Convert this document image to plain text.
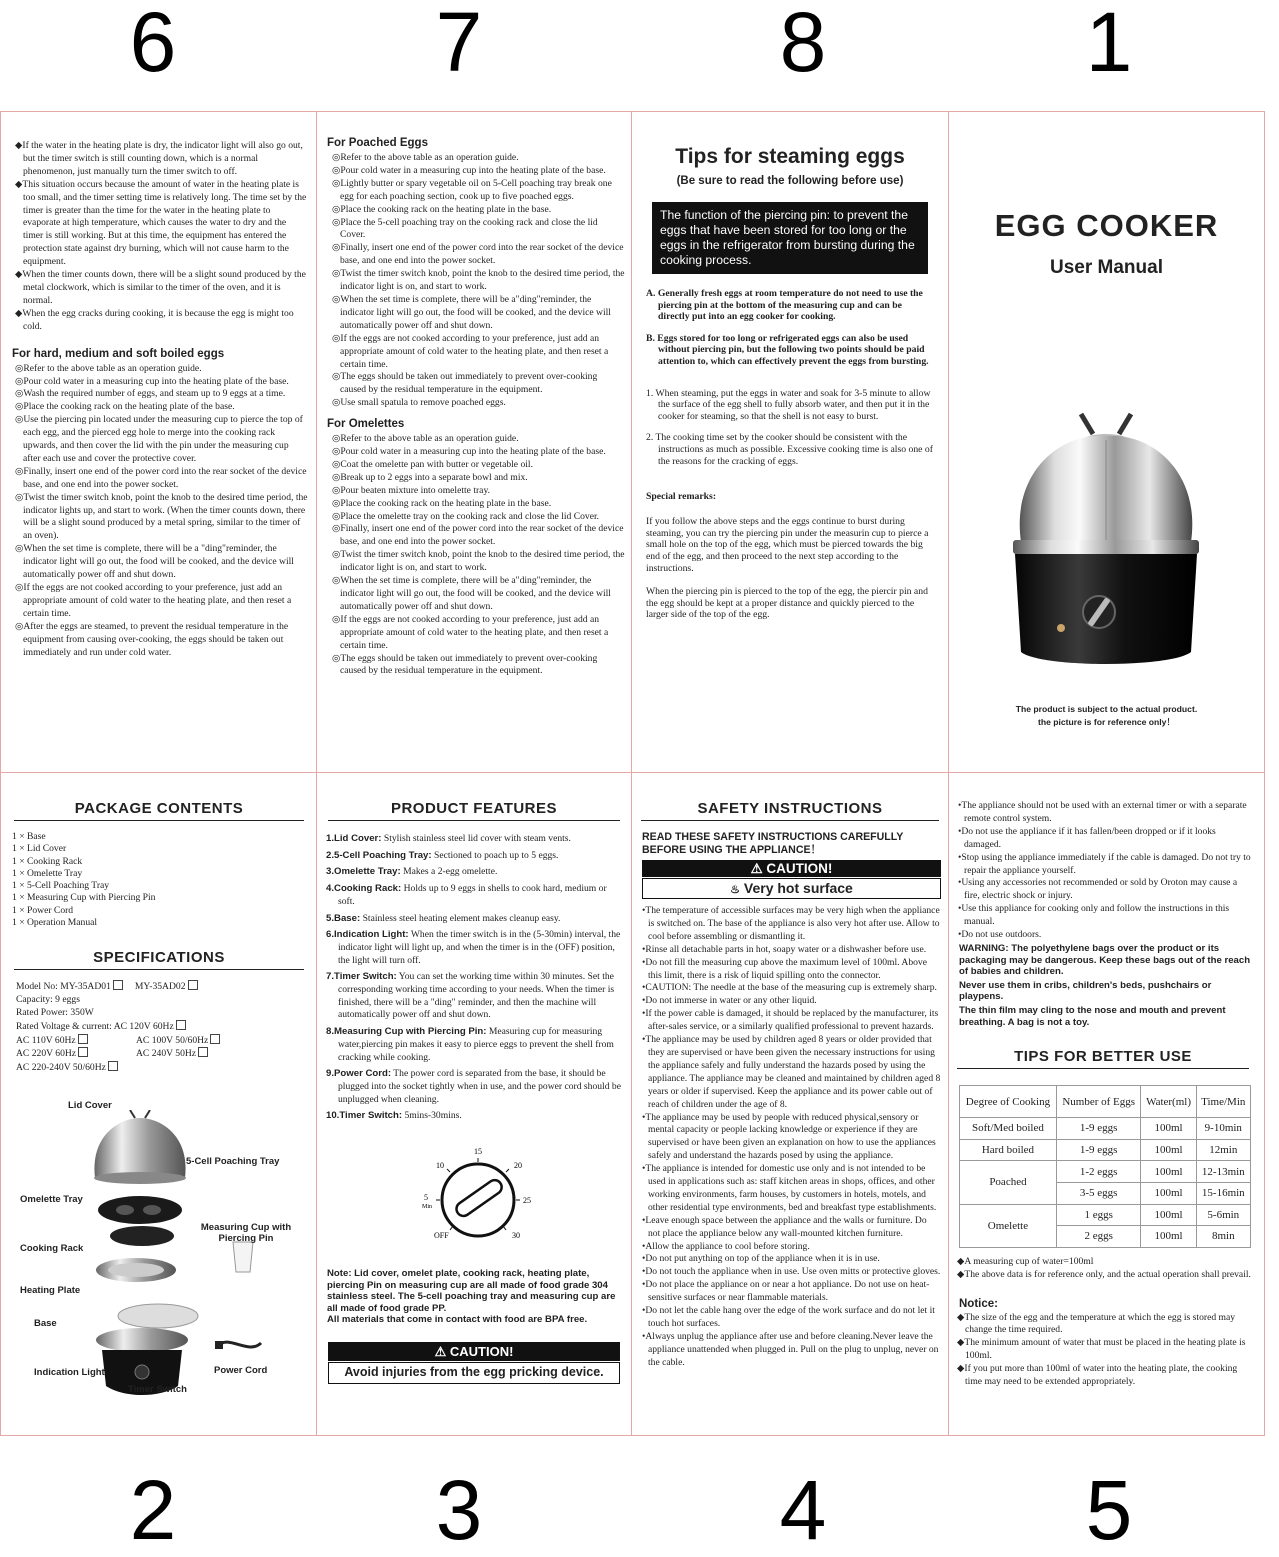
6	7	8	1
2	3	4	5

◆If the water in the heating plate is dry, the indicator light will also go out, but the timer switch is still counting down, which is a normal phenomenon, just manually turn the timer switch to off.

◆This situation occurs because the amount of water in the heating plate is too small, and the timer setting time is relatively long. The time set by the timer is greater than the time for the water in the heating plate to evaporate at high temperature, which causes the water to dry and the timer is still working. But at this time, the equipment has entered the protection state against dry burning, which will not cause harm to the equipment.

◆When the timer counts down, there will be a slight sound produced by the metal clockwork, which is similar to the timer of the oven, and it is normal.

◆When the egg cracks during cooking, it is because the egg is might too cold.

For hard, medium and soft boiled eggs

◎Refer to the above table as an operation guide.

◎Pour cold water in a measuring cup into the heating plate of the base.

◎Wash the required number of eggs, and steam up to 9 eggs at a time.

◎Place the cooking rack on the heating plate of the base.

◎Use the piercing pin located under the measuring cup to pierce the top of each egg, and the pierced egg hole to merge into the cooking rack upwards, and then cover the lid with the pin under the measuring cup after each use and cover the protective cover.

◎Finally, insert one end of the power cord into the rear socket of the device base, and one end into the power socket.

◎Twist the timer switch knob, point the knob to the desired time period, the indicator lights up, and start to work. (When the timer counts down, there will be a slight sound produced by a metal spring, similar to the timer of an oven).

◎When the set time is complete, there will be a "ding"reminder, the indicator light will go out, the food will be cooked, and the device will automatically power off and shut down.

◎If the eggs are not cooked according to your preference, just add an appropriate amount of cold water to the heating plate, and then reset a certain time.

◎After the eggs are steamed, to prevent the residual temperature in the equipment from causing over-cooking, the eggs should be taken out immediately and run under cold water.

For Poached Eggs

◎Refer to the above table as an operation guide.

◎Pour cold water in a measuring cup into the heating plate of the base.

◎Lightly butter or spary vegetable oil on 5-Cell poaching tray break one egg for each poaching section, cook up to five poached eggs.

◎Place the cooking rack on the heating plate in the base.

◎Place the 5-cell poaching tray on the cooking rack and close the lid Cover.

◎Finally, insert one end of the power cord into the rear socket of the device base, and one end into the power socket.

◎Twist the timer switch knob, point the knob to the desired time period, the indicator light is on, and start to work.

◎When the set time is complete, there will be a"ding"reminder, the indicator light will go out, the food will be cooked, and the device will automatically power off and shut down.

◎If the eggs are not cooked according to your preference, just add an appropriate amount of cold water to the heating plate, and then reset a certain time.

◎The eggs should be taken out immediately to prevent over-cooking caused by the residual temperature in the equipment.

◎Use small spatula to remove poached eggs.

For Omelettes

◎Refer to the above table as an operation guide.

◎Pour cold water in a measuring cup into the heating plate of the base.

◎Coat the omelette pan with butter or vegetable oil.

◎Break up to 2 eggs into a separate bowl and mix.

◎Pour beaten mixture into omelette tray.

◎Place the cooking rack on the heating plate in the base.

◎Place the omelette tray on the cooking rack and close the lid Cover.

◎Finally, insert one end of the power cord into the rear socket of the device base, and one end into the power socket.

◎Twist the timer switch knob, point the knob to the desired time period, the indicator light is on, and start to work.

◎When the set time is complete, there will be a"ding"reminder, the indicator light will go out, the food will be cooked, and the device will automatically power off and shut down.

◎If the eggs are not cooked according to your preference, just add an appropriate amount of cold water to the heating plate, and then reset a certain time.

◎The eggs should be taken out immediately to prevent over-cooking caused by the residual temperature in the equipment.

Tips for steaming eggs
(Be sure to read the following before use)
The function of the piercing pin: to prevent the eggs that have been stored for too long or the eggs in the refrigerator from bursting during the cooking process.

A. Generally fresh eggs at room temperature do not need to use the piercing pin at the bottom of the measuring cup and can be directly put into an egg cooker for cooking.

B. Eggs stored for too long or refrigerated eggs can also be used without piercing pin, but the following two points should be paid attention to, which can effectively prevent the eggs from bursting.

1. When steaming, put the eggs in water and soak for 3-5 minute to allow the surface of the egg shell to fully absorb water, and then put it in the cooker for steaming, so that the shell is not easy to burst.

2. The cooking time set by the cooker should be consistent with the instructions as much as possible. Excessive cooking time is also one of the reasons for the cracking of eggs.

Special remarks:

If you follow the above steps and the eggs continue to burst during steaming, you can try the piercing pin under the measurin cup to pierce a small hole on the top of the egg, which must be pierced towards the big end of the egg, and then proceed to the next step according to the instructions.

When the piercing pin is pierced to the top of the egg, the piercir pin and the egg should be kept at a proper distance and quickly pierced to the larger side of the top of the egg.

EGG COOKER
User Manual
The product is subject to the actual product.
the picture is for reference only！
PACKAGE CONTENTS
1 × Base
1 × Lid Cover
1 × Cooking Rack
1 × Omelette Tray
1 × 5-Cell Poaching Tray
1 × Measuring Cup with Piercing Pin
1 × Power Cord
1 × Operation Manual
SPECIFICATIONS
Model No: MY-35AD01	MY-35AD02
Capacity: 9 eggs
Rated Power: 350W
Rated Voltage & current: AC 120V 60Hz
AC 110V 60Hz	AC 100V 50/60Hz
AC 220V 60Hz	AC 240V 50Hz
AC 220-240V 50/60Hz
Lid Cover
5-Cell Poaching Tray
Omelette Tray
Measuring Cup with Piercing Pin
Cooking Rack
Heating Plate
Base
Power Cord
Indication Light
Timer Switch
PRODUCT FEATURES

1.Lid Cover: Stylish stainless steel lid cover with steam vents.

2.5-Cell Poaching Tray: Sectioned to poach up to 5 eggs.

3.Omelette Tray: Makes a 2-egg omelette.

4.Cooking Rack: Holds up to 9 eggs in shells to cook hard, medium or soft.

5.Base: Stainless steel heating element makes cleanup easy.

6.Indication Light: When the timer switch is in the (5-30min) interval, the indicator light will light up, and when the timer is in the (OFF) position, the light will turn off.

7.Timer Switch: You can set the working time within 30 minutes. Set the corresponding working time according to your needs. When the timer is finished, there will be a "ding" reminder, and then the machine will automatically power off and shut down.

8.Measuring Cup with Piercing Pin: Measuring cup for measuring water,piercing pin makes it easy to pierce eggs to prevent the shell from cracking while cooking.

9.Power Cord: The power cord is separated from the base, it should be plugged into the socket tightly when in use, and the power cord should be unplugged when cleaning.

10.Timer Switch: 5mins-30mins.

15
10	20
5
Min
25
OFF	30

Note: Lid cover, omelet plate, cooking rack, heating plate, piercing Pin on measuring cup are all made of food grade 304 stainless steel. The 5-cell poaching tray and measuring cup are all made of food grade PP.
All materials that come in contact with food are BPA free.

⚠ CAUTION!
Avoid injuries from the egg pricking device.
SAFETY INSTRUCTIONS
READ THESE SAFETY INSTRUCTIONS CAREFULLY BEFORE USING THE APPLIANCE！
⚠ CAUTION!
♨ Very hot surface

•The temperature of accessible surfaces may be very high when the appliance is switched on. The base of the appliance is also very hot after use. Allow to cool before assembling or dismantling it.

•Rinse all detachable parts in hot, soapy water or a dishwasher before use.

•Do not fill the measuring cup above the maximum level of 100ml. Above this limit, there is a risk of liquid spilling onto the connector.

•CAUTION: The needle at the base of the measuring cup is extremely sharp.

•Do not immerse in water or any other liquid.

•If the power cable is damaged, it should be replaced by the manufacturer, its after-sales service, or a similarly qualified professional to prevent hazards.

•The appliance may be used by children aged 8 years or older provided that they are supervised or have been given the necessary instructions for using the appliance safely and fully understand the hazards posed by using the appliance. The appliance may be cleaned and maintained by children aged 8 years or older if supervised. Keep the appliance and its power cable out of reach of children under the age of 8.

•The appliance may be used by people with reduced physical,sensory or mental capacity or people lacking knowledge or experience if they are supervised or have been given an explanation on how to use the appliances safely and understand the hazards posed by using the appliance.

•The appliance is intended for domestic use only and is not intended to be used in applications such as: staff kitchen areas in shops, offices, and other working environments, farm houses, by customers in hotels, motels, and other residential type environments, bed and breakfast type establishments.

•Leave enough space between the appliance and the walls or furniture. Do not place the appliance below any wall-mounted kitchen furniture.

•Allow the appliance to cool before storing.

•Do not put anything on top of the appliance when it is in use.

•Do not touch the appliance when in use. Use oven mitts or protective gloves.

•Do not place the appliance on or near a hot appliance. Do not use on heat-sensitive surfaces or near flammable materials.

•Do not let the cable hang over the edge of the work surface and do not let it touch hot surfaces.

•Always unplug the appliance after use and before cleaning.Never leave the appliance unattended when plugged in. Pull on the plug to unplug, never on the cable.

•The appliance should not be used with an external timer or with a separate remote control system.

•Do not use the appliance if it has fallen/been dropped or if it looks damaged.

•Stop using the appliance immediately if the cable is damaged. Do not try to repair the appliance yourself.

•Using any accessories not recommended or sold by Oroton may cause a fire, electric shock or injury.

•Use this appliance for cooking only and follow the instructions in this manual.

•Do not use outdoors.

WARNING: The polyethylene bags over the product or its packaging may be dangerous. Keep these bags out of the reach of babies and children.

Never use them in cribs, children's beds, pushchairs or playpens.

The thin film may cling to the nose and mouth and prevent breathing. A bag is not a toy.

TIPS FOR BETTER USE
Degree of Cooking	Number of Eggs	Water(ml)	Time/Min
Soft/Med boiled	1-9 eggs	100ml	9-10min
Hard boiled	1-9 eggs	100ml	12min
Poached	1-2 eggs	100ml	12-13min
	3-5 eggs	100ml	15-16min
Omelette	1 eggs	100ml	5-6min
	2 eggs	100ml	8min

◆A measuring cup of water=100ml

◆The above data is for reference only, and the actual operation shall prevail.

Notice:

◆The size of the egg and the temperature at which the egg is stored may change the time required.

◆The minimum amount of water that must be placed in the heating plate is 100ml.

◆If you put more than 100ml of water into the heating plate, the cooking time may need to be extended appropriately.
